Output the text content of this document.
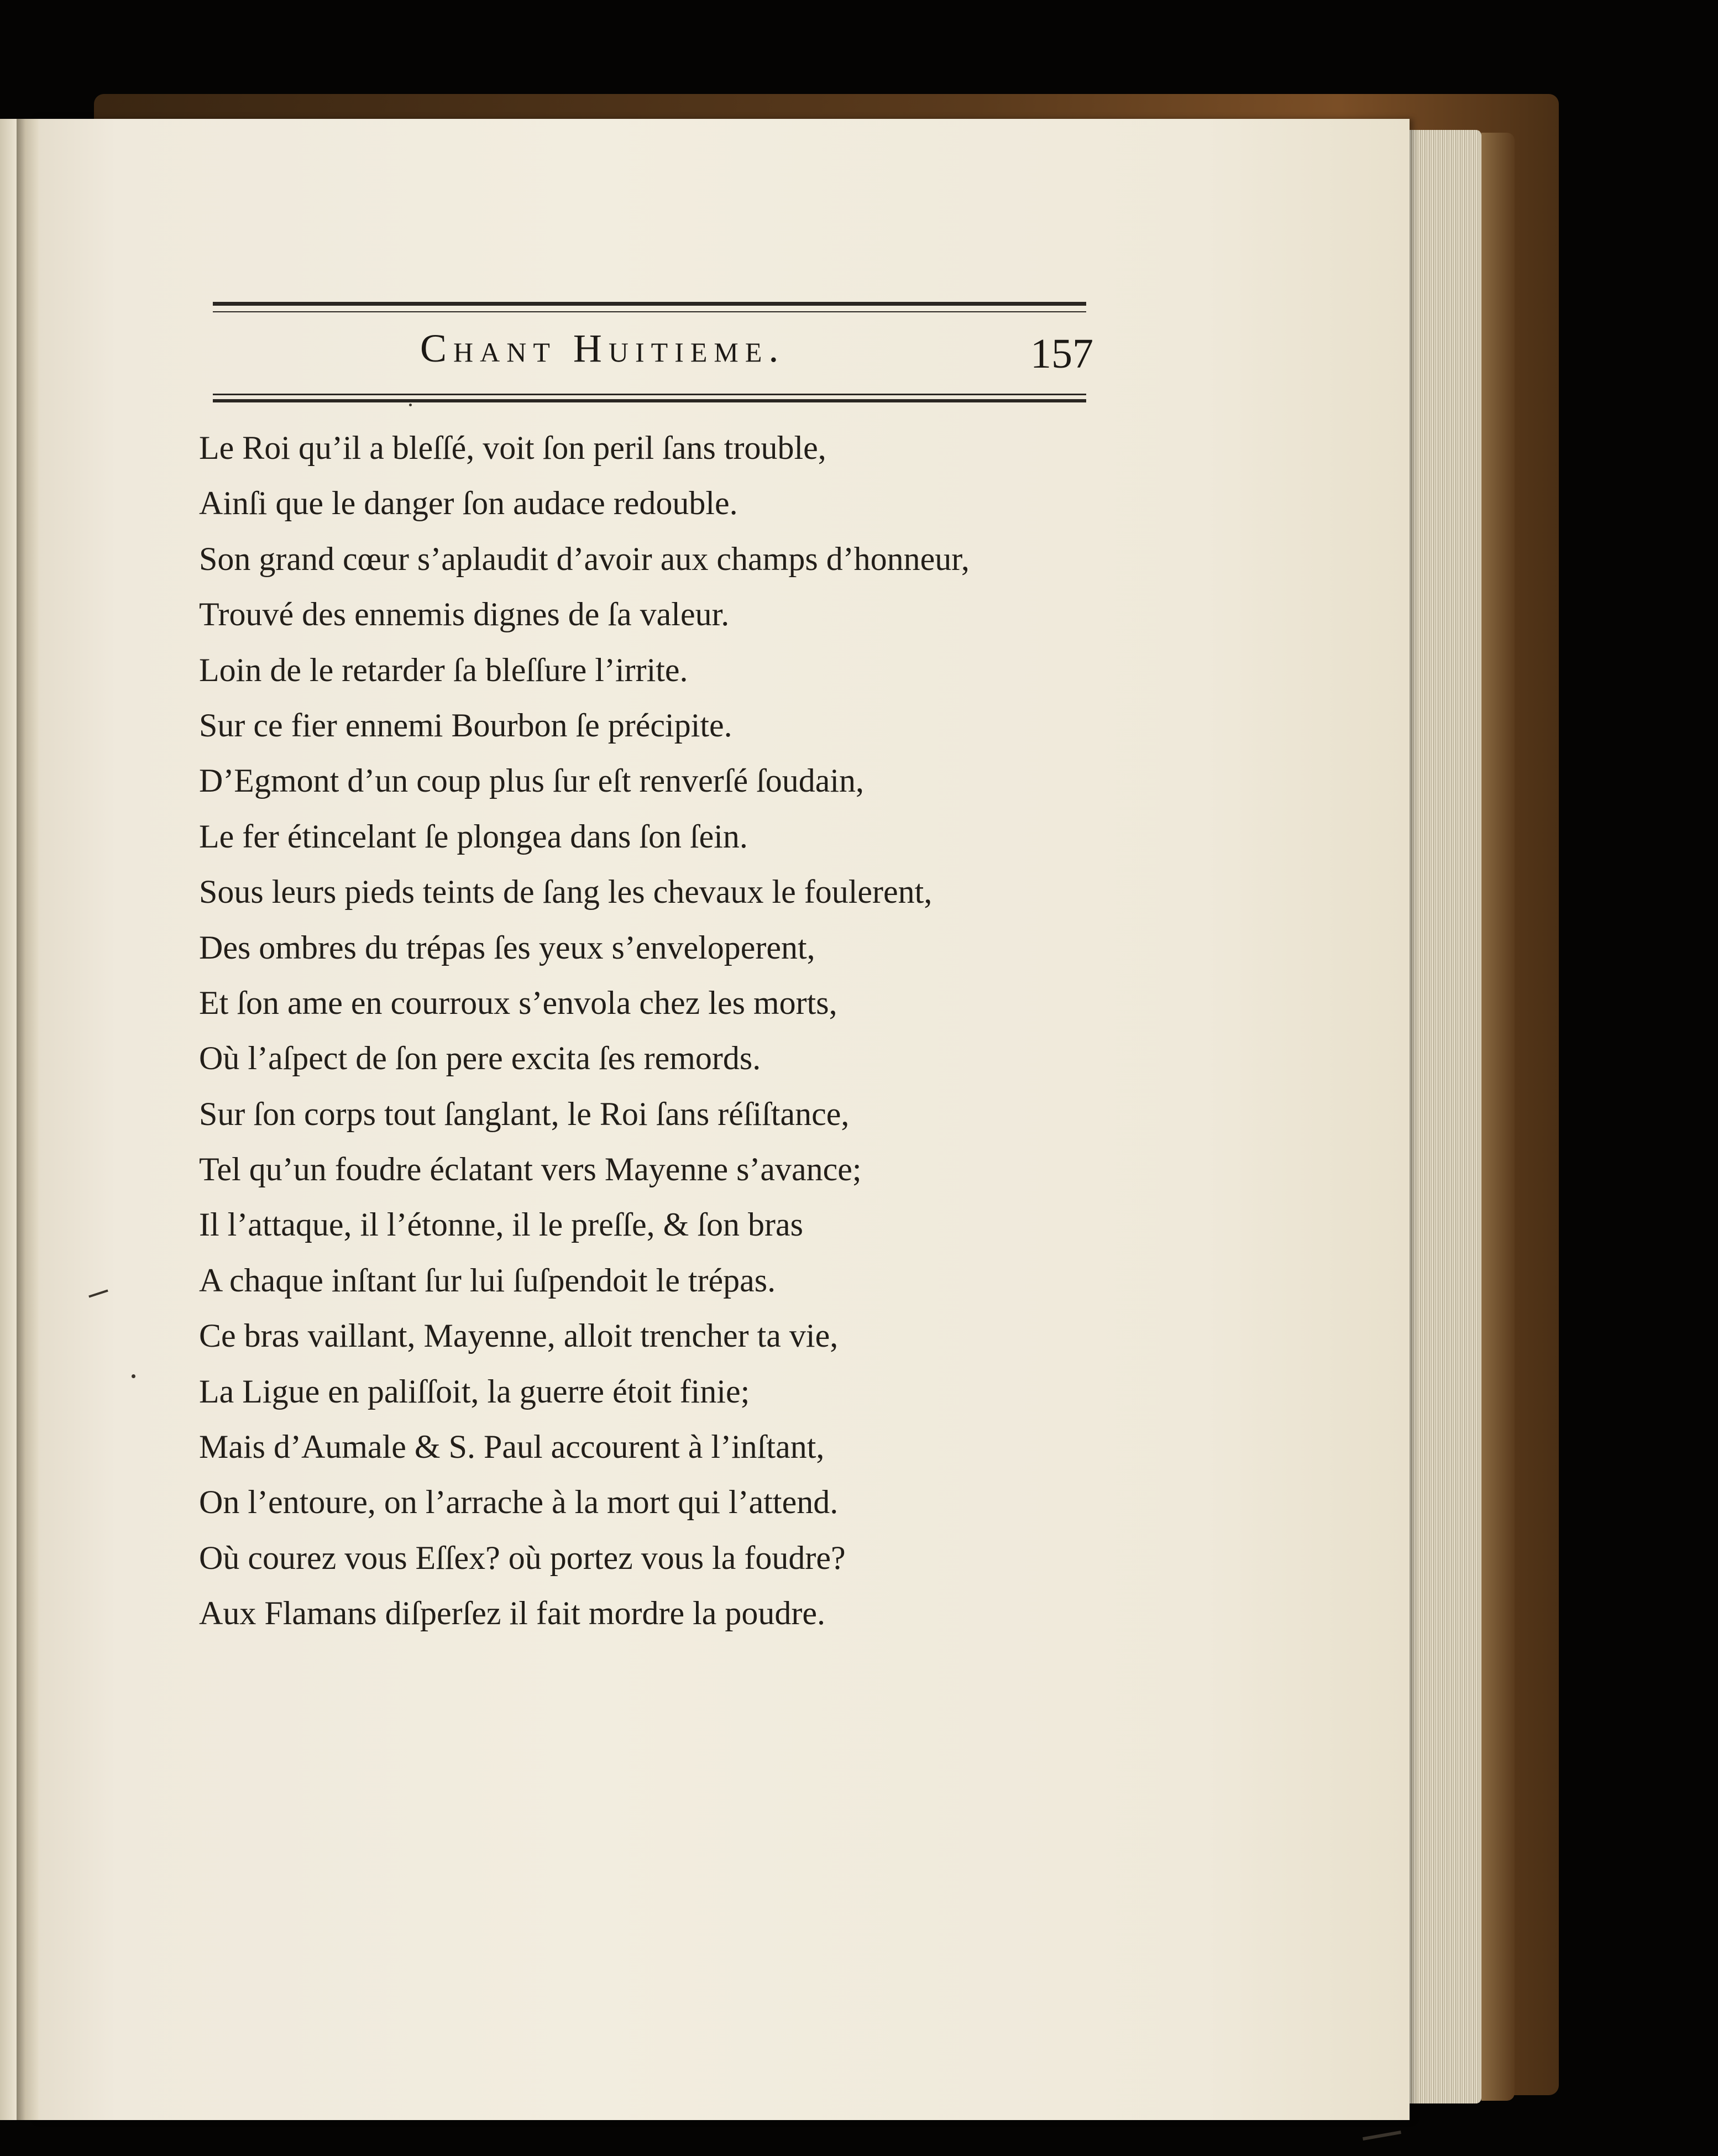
Chant Huitieme.	157
Le Roi qu’il a bleſſé, voit ſon peril ſans trouble,
Ainſi que le danger ſon audace redouble.
Son grand cœur s’aplaudit d’avoir aux champs d’honneur,
Trouvé des ennemis dignes de ſa valeur.
Loin de le retarder ſa bleſſure l’irrite.
Sur ce fier ennemi Bourbon ſe précipite.
D’Egmont d’un coup plus ſur eſt renverſé ſoudain,
Le fer étincelant ſe plongea dans ſon ſein.
Sous leurs pieds teints de ſang les chevaux le foulerent,
Des ombres du trépas ſes yeux s’enveloperent,
Et ſon ame en courroux s’envola chez les morts,
Où l’aſpect de ſon pere excita ſes remords.
Sur ſon corps tout ſanglant, le Roi ſans réſiſtance,
Tel qu’un foudre éclatant vers Mayenne s’avance;
Il l’attaque, il l’étonne, il le preſſe, & ſon bras
A chaque inſtant ſur lui ſuſpendoit le trépas.
Ce bras vaillant, Mayenne, alloit trencher ta vie,
La Ligue en paliſſoit, la guerre étoit finie;
Mais d’Aumale & S. Paul accourent à l’inſtant,
On l’entoure, on l’arrache à la mort qui l’attend.
Où courez vous Eſſex? où portez vous la foudre?
Aux Flamans diſperſez il fait mordre la poudre.
